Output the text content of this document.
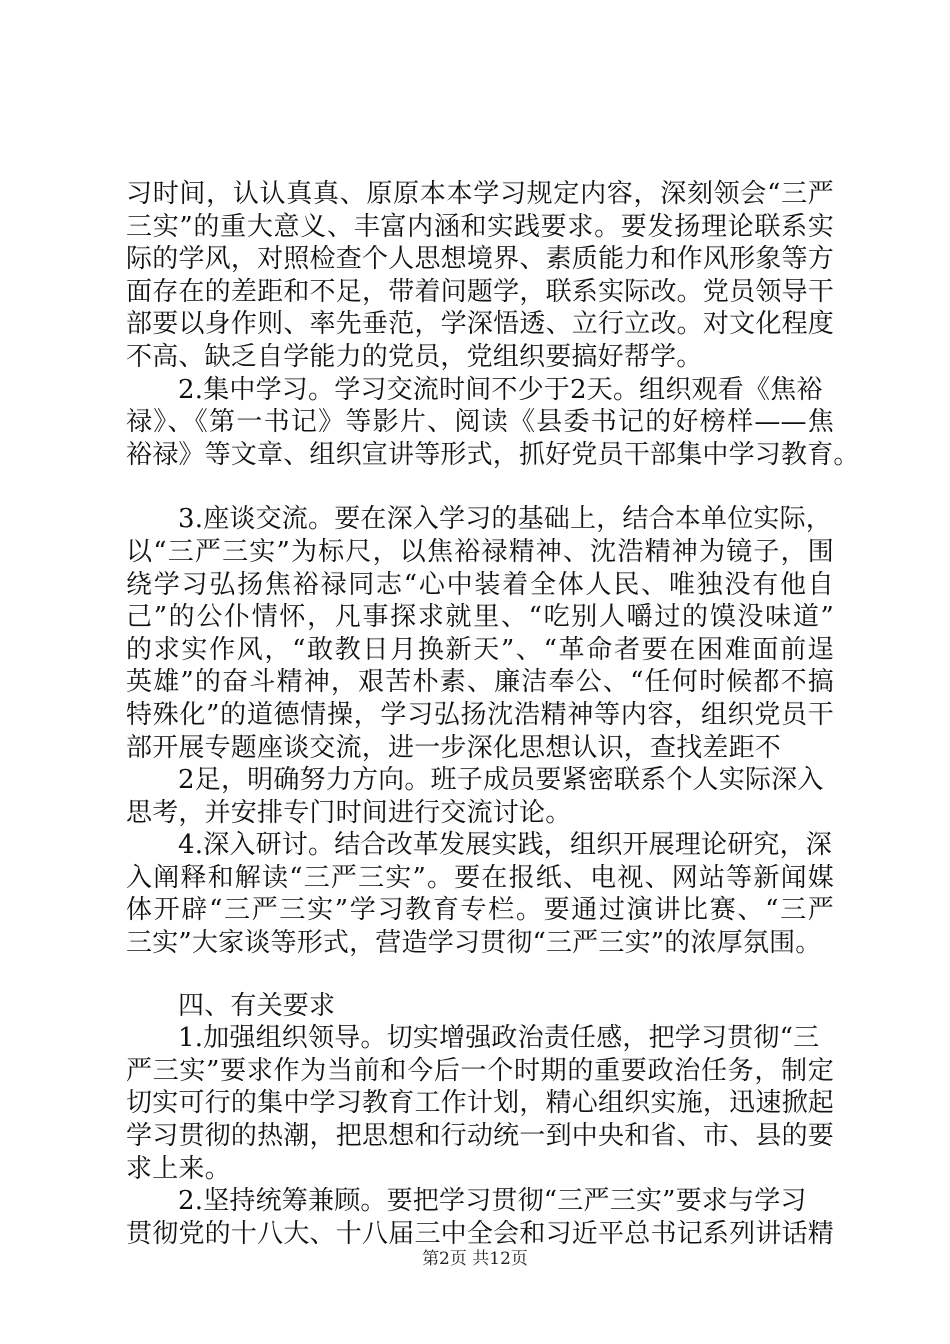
习时间，认认真真、原原本本学习规定内容，深刻领会“三严
三实”的重大意义、丰富内涵和实践要求。要发扬理论联系实
际的学风，对照检查个人思想境界、素质能力和作风形象等方
面存在的差距和不足，带着问题学，联系实际改。党员领导干
部要以身作则、率先垂范，学深悟透、立行立改。对文化程度
不高、缺乏自学能力的党员，党组织要搞好帮学。
2.集中学习。学习交流时间不少于2天。组织观看《焦裕
禄》、《第一书记》等影片、阅读《县委书记的好榜样——焦
裕禄》等文章、组织宣讲等形式，抓好党员干部集中学习教育。
3.座谈交流。要在深入学习的基础上，结合本单位实际，
以“三严三实”为标尺，以焦裕禄精神、沈浩精神为镜子，围
绕学习弘扬焦裕禄同志“心中装着全体人民、唯独没有他自
己”的公仆情怀，凡事探求就里、“吃别人嚼过的馍没味道”
的求实作风，“敢教日月换新天”、“革命者要在困难面前逞
英雄”的奋斗精神，艰苦朴素、廉洁奉公、“任何时候都不搞
特殊化”的道德情操，学习弘扬沈浩精神等内容，组织党员干
部开展专题座谈交流，进一步深化思想认识，查找差距不
2足，明确努力方向。班子成员要紧密联系个人实际深入
思考，并安排专门时间进行交流讨论。
4.深入研讨。结合改革发展实践，组织开展理论研究，深
入阐释和解读“三严三实”。要在报纸、电视、网站等新闻媒
体开辟“三严三实”学习教育专栏。要通过演讲比赛、“三严
三实”大家谈等形式，营造学习贯彻“三严三实”的浓厚氛围。
四、有关要求
1.加强组织领导。切实增强政治责任感，把学习贯彻“三
严三实”要求作为当前和今后一个时期的重要政治任务，制定
切实可行的集中学习教育工作计划，精心组织实施，迅速掀起
学习贯彻的热潮，把思想和行动统一到中央和省、市、县的要
求上来。
2.坚持统筹兼顾。要把学习贯彻“三严三实”要求与学习
贯彻党的十八大、十八届三中全会和习近平总书记系列讲话精
第2页 共12页
